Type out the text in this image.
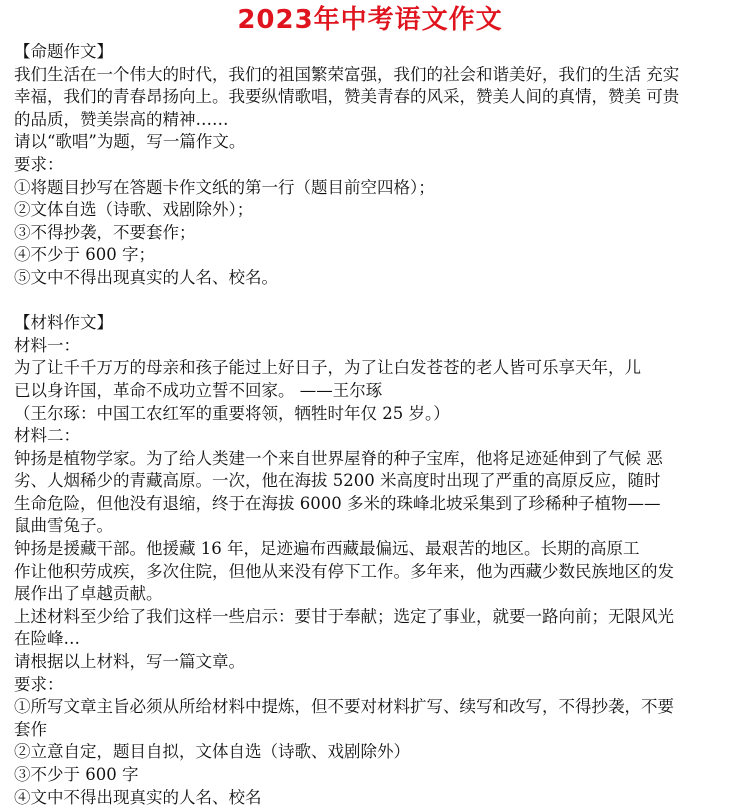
2023年中考语文作文
【命题作文】
我们生活在一个伟大的时代，我们的祖国繁荣富强，我们的社会和谐美好，我们的生活 充实
幸福，我们的青春昂扬向上。我要纵情歌唱，赞美青春的风采，赞美人间的真情，赞美 可贵
的品质，赞美崇高的精神……
请以“歌唱”为题，写一篇作文。
要求：
①将题目抄写在答题卡作文纸的第一行（题目前空四格）；
②文体自选（诗歌、戏剧除外）；
③不得抄袭，不要套作；
④不少于 600 字；
⑤文中不得出现真实的人名、校名。
【材料作文】
材料一：
为了让千千万万的母亲和孩子能过上好日子，为了让白发苍苍的老人皆可乐享天年，儿
已以身许国，革命不成功立誓不回家。 ——王尔琢
（王尔琢：中国工农红军的重要将领，牺牲时年仅 25 岁。）
材料二：
钟扬是植物学家。为了给人类建一个来自世界屋脊的种子宝库，他将足迹延伸到了气候 恶
劣、人烟稀少的青藏高原。一次，他在海拔 5200 米高度时出现了严重的高原反应，随时
生命危险，但他没有退缩，终于在海拔 6000 多米的珠峰北坡采集到了珍稀种子植物——
鼠曲雪兔子。
钟扬是援藏干部。他援藏 16 年，足迹遍布西藏最偏远、最艰苦的地区。长期的高原工
作让他积劳成疾，多次住院，但他从来没有停下工作。多年来，他为西藏少数民族地区的发
展作出了卓越贡献。
上述材料至少给了我们这样一些启示：要甘于奉献；选定了事业，就要一路向前；无限风光
在险峰…
请根据以上材料，写一篇文章。
要求：
①所写文章主旨必须从所给材料中提炼，但不要对材料扩写、续写和改写，不得抄袭，不要
套作
②立意自定，题目自拟，文体自选（诗歌、戏剧除外）
③不少于 600 字
④文中不得出现真实的人名、校名
